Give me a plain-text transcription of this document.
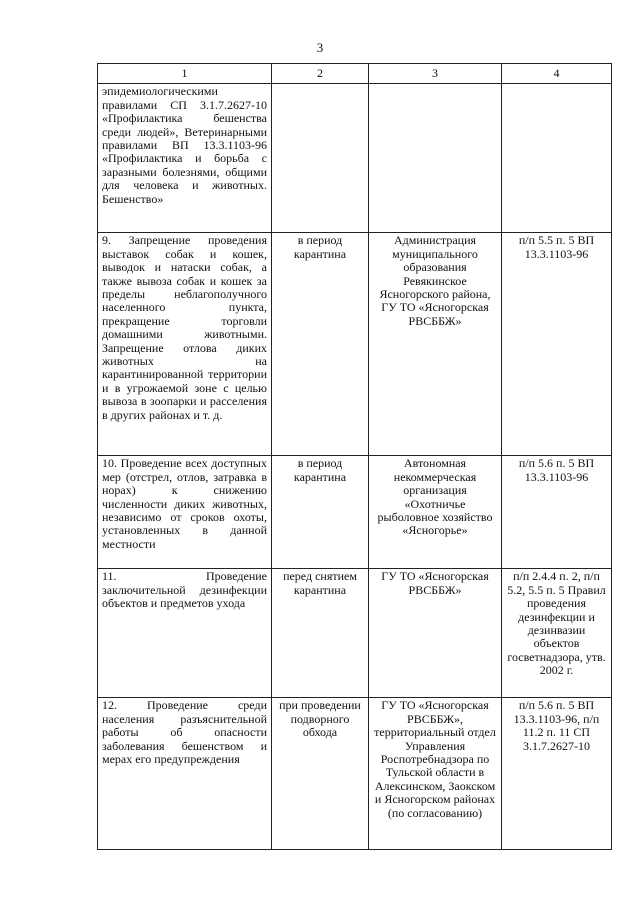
3
1	2	3	4
эпидемиологическими правилами СП 3.1.7.2627-10 «Профилактика бешенства среди людей», Ветеринарными правилами ВП 13.3.1103-96 «Профилактика и борьба с заразными болезнями, общими для человека и животных. Бешенство»			
9. Запрещение проведения выставок собак и кошек, выводок и натаски собак, а также вывоза собак и кошек за пределы неблагополучного населенного пункта, прекращение торговли домашними животными. Запрещение отлова диких животных на карантинированной территории и в угрожаемой зоне с целью вывоза в зоопарки и расселения в других районах и т. д.	в период карантина	Администрация муниципального образования Ревякинское Ясногорского района, ГУ ТО «Ясногорская РВСББЖ»	п/п 5.5 п. 5 ВП 13.3.1103-96
10. Проведение всех доступных мер (отстрел, отлов, затравка в норах) к снижению численности диких животных, независимо от сроков охоты, установленных в данной местности	в период карантина	Автономная некоммерческая организация «Охотничье рыболовное хозяйство «Ясногорье»	п/п 5.6 п. 5 ВП 13.3.1103-96
11. Проведение заключительной дезинфекции объектов и предметов ухода	перед снятием карантина	ГУ ТО «Ясногорская РВСББЖ»	п/п 2.4.4 п. 2, п/п 5.2, 5.5 п. 5 Правил проведения дезинфекции и дезинвазии объектов госветнадзора, утв. 2002 г.
12. Проведение среди населения разъяснительной работы об опасности заболевания бешенством и мерах его предупреждения	при проведении подворного обхода	ГУ ТО «Ясногорская РВСББЖ», территориальный отдел Управления Роспотребнадзора по Тульской области в Алексинском, Заокском и Ясногорском районах (по согласованию)	п/п 5.6 п. 5 ВП 13.3.1103-96, п/п 11.2 п. 11 СП 3.1.7.2627-10
